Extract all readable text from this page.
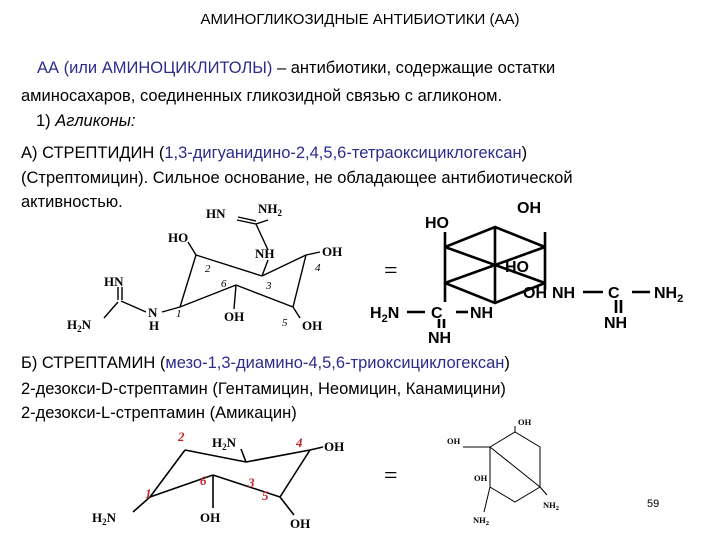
АМИНОГЛИКОЗИДНЫЕ АНТИБИОТИКИ (АА)
АА (или АМИНОЦИКЛИТОЛЫ) – антибиотики, содержащие остатки
аминосахаров, соединенных гликозидной связью с агликоном.
1) Агликоны:
А) СТРЕПТИДИН (1,3-дигуанидино-2,4,5,6-тетраоксициклогексан)
(Стрептомицин). Сильное основание, не обладающее антибиотической
активностью.
Б) СТРЕПТАМИН (мезо-1,3-диамино-4,5,6-триоксициклогексан)
2-дезокси-D-стрептамин (Гентамицин, Неомицин, Канамицини)
2-дезокси-L-стрептамин (Амикацин)
HN	$NH_2$
HO
NH	OH
HN
N
H
$H_2N$
OH
OH
1
2
3
4
5
6	=
HO
OH
HO
OH NH C $NH_2$
NH
$H_2N$ C NH
NH
$H_2N$	OH
$H_2N$	OH	OH
1
2
3
4
5
6	=
OH
OH
OH
$NH_2$
$NH_2$
59
